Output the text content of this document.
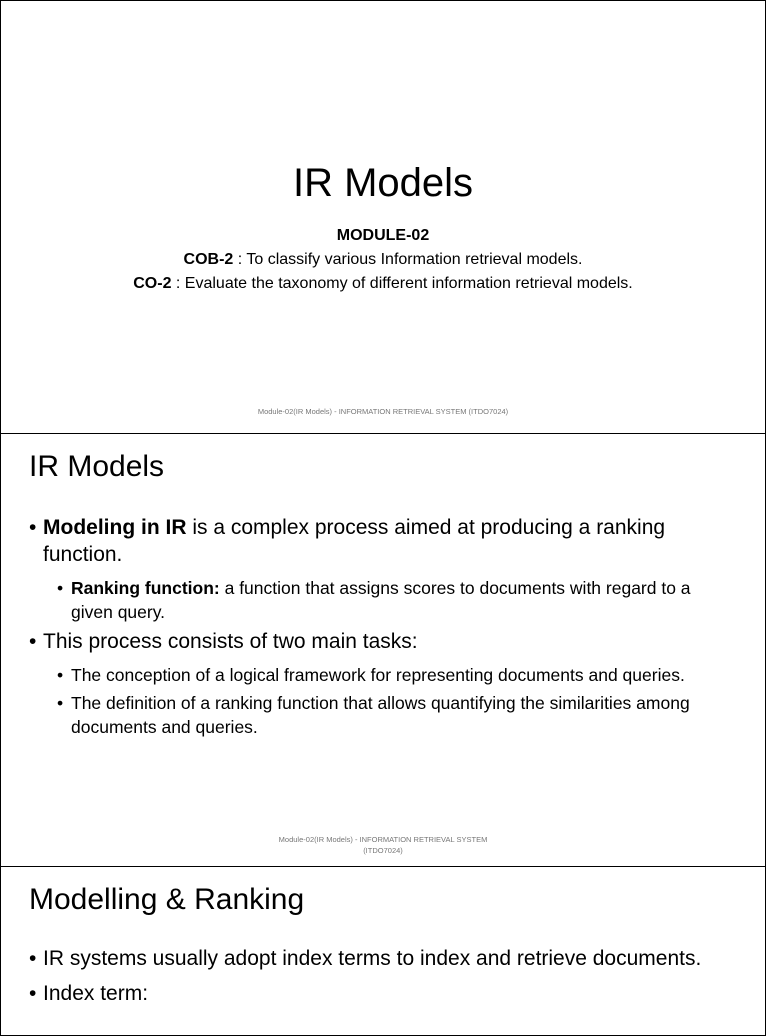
IR Models
MODULE-02
COB-2 : To classify various Information retrieval models.
CO-2 : Evaluate the taxonomy of different information retrieval models.
Module-02(IR Models) - INFORMATION RETRIEVAL SYSTEM (ITDO7024)
IR Models
• Modeling in IR is a complex process aimed at producing a ranking function.
• Ranking function: a function that assigns scores to documents with regard to a given query.
• This process consists of two main tasks:
• The conception of a logical framework for representing documents and queries.
• The definition of a ranking function that allows quantifying the similarities among documents and queries.
Module-02(IR Models) - INFORMATION RETRIEVAL SYSTEM
(ITDO7024)
Modelling & Ranking
• IR systems usually adopt index terms to index and retrieve documents.
• Index term:
